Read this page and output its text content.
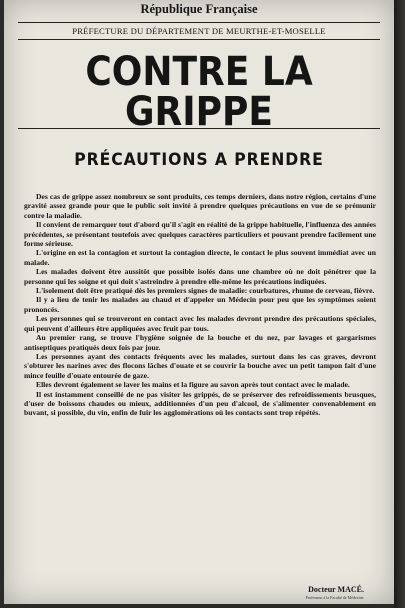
République Française
PRÉFECTURE DU DÉPARTEMENT DE MEURTHE-ET-MOSELLE
CONTRE LA GRIPPE
PRÉCAUTIONS A PRENDRE

Des cas de grippe assez nombreux se sont produits, ces temps derniers, dans notre région, certains d'une gravité assez grande pour que le public soit invité à prendre quelques précautions en vue de se prémunir contre la maladie.

Il convient de remarquer tout d'abord qu'il s'agit en réalité de la grippe habituelle, l'influenza des années précédentes, se présentant toutefois avec quelques caractères particuliers et pouvant prendre facilement une forme sérieuse.

L'origine en est la contagion et surtout la contagion directe, le contact le plus souvent immédiat avec un malade.

Les malades doivent être aussitôt que possible isolés dans une chambre où ne doit pénétrer que la personne qui les soigne et qui doit s'astreindre à prendre elle-même les précautions indiquées.

L'isolement doit être pratiqué dès les premiers signes de maladie: courbatures, rhume de cerveau, fièvre.

Il y a lieu de tenir les malades au chaud et d'appeler un Médecin pour peu que les symptômes soient prononcés.

Les personnes qui se trouveront en contact avec les malades devront prendre des précautions spéciales, qui peuvent d'ailleurs être appliquées avec fruit par tous.

Au premier rang, se trouve l'hygiène soignée de la bouche et du nez, par lavages et gargarismes antiseptiques pratiqués deux fois par jour.

Les personnes ayant des contacts fréquents avec les malades, surtout dans les cas graves, devront s'obturer les narines avec des flocons lâches d'ouate et se couvrir la bouche avec un petit tampon fait d'une mince feuille d'ouate entourée de gaze.

Elles devront également se laver les mains et la figure au savon après tout contact avec le malade.

Il est instamment conseillé de ne pas visiter les grippés, de se préserver des refroidissements brusques, d'user de boissons chaudes ou mieux, additionnées d'un peu d'alcool, de s'alimenter convenablement en buvant, si possible, du vin, enfin de fuir les agglomérations où les contacts sont trop répétés.

Docteur MACÉ.
Professeur à la Faculté de Médecine.
